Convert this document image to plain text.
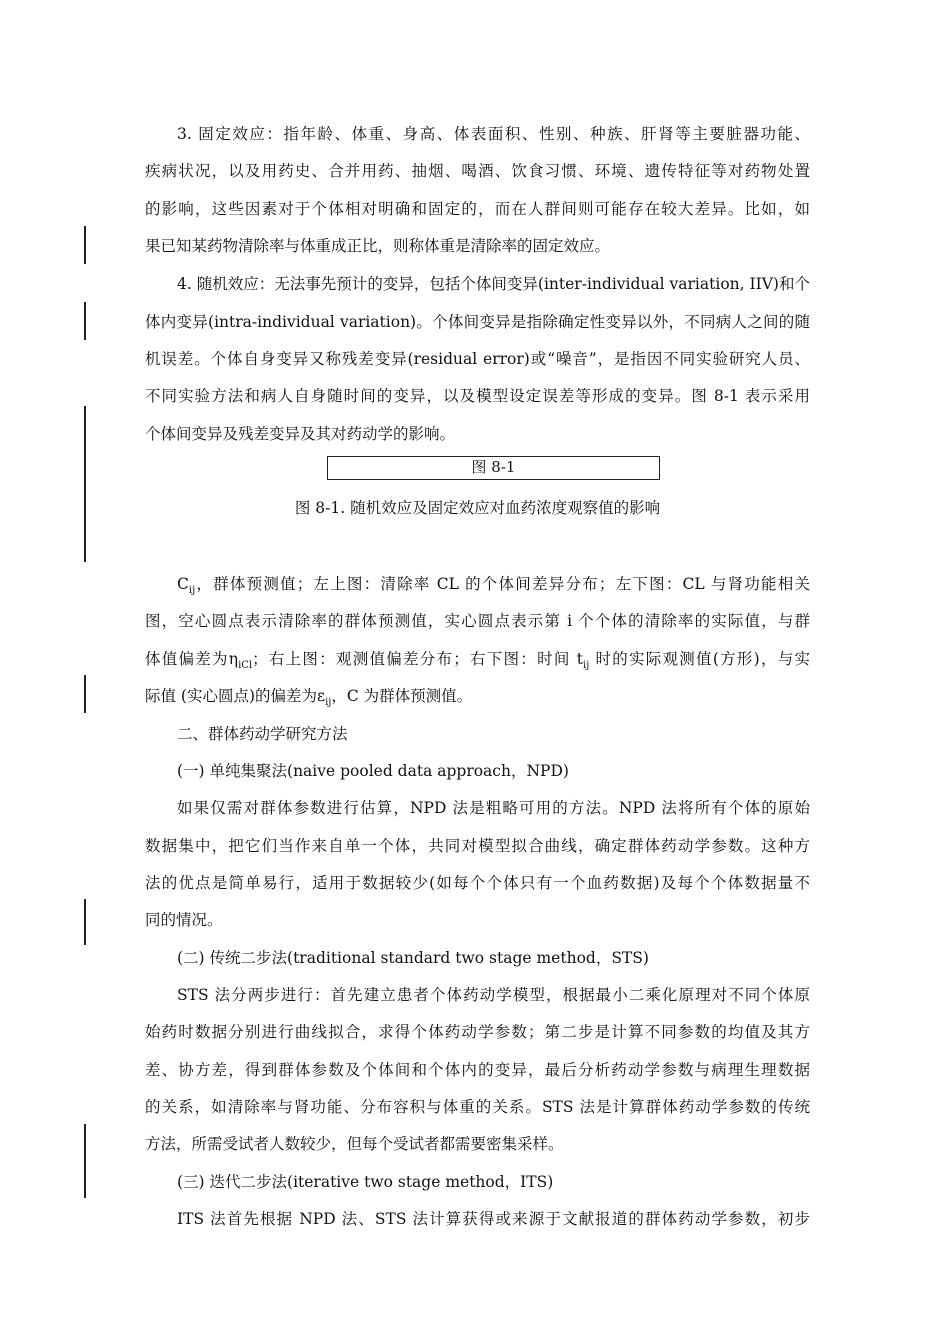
3. 固定效应：指年龄、体重、身高、体表面积、性别、种族、肝肾等主要脏器功能、
疾病状况，以及用药史、合并用药、抽烟、喝酒、饮食习惯、环境、遗传特征等对药物处置
的影响，这些因素对于个体相对明确和固定的，而在人群间则可能存在较大差异。比如，如
果已知某药物清除率与体重成正比，则称体重是清除率的固定效应。
4. 随机效应：无法事先预计的变异，包括个体间变异(inter-individual variation, IIV)和个
体内变异(intra-individual variation)。个体间变异是指除确定性变异以外，不同病人之间的随
机误差。个体自身变异又称残差变异(residual error)或“噪音”，是指因不同实验研究人员、
不同实验方法和病人自身随时间的变异，以及模型设定误差等形成的变异。图 8-1 表示采用
个体间变异及残差变异及其对药动学的影响。
图 8-1
图 8-1. 随机效应及固定效应对血药浓度观察值的影响
$C_{ij}$，群体预测值；左上图：清除率 CL 的个体间差异分布；左下图：CL 与肾功能相关
图，空心圆点表示清除率的群体预测值，实心圆点表示第 i 个个体的清除率的实际值，与群
体值偏差为$\eta_{iCl}$；右上图：观测值偏差分布；右下图：时间 $t_{ij}$ 时的实际观测值(方形)，与实
际值 (实心圆点)的偏差为$\varepsilon_{ij}$，C 为群体预测值。
二、群体药动学研究方法
(一) 单纯集聚法(naive pooled data approach，NPD)
如果仅需对群体参数进行估算，NPD 法是粗略可用的方法。NPD 法将所有个体的原始
数据集中，把它们当作来自单一个体，共同对模型拟合曲线，确定群体药动学参数。这种方
法的优点是简单易行，适用于数据较少(如每个个体只有一个血药数据)及每个个体数据量不
同的情况。
(二) 传统二步法(traditional standard two stage method，STS)
STS 法分两步进行：首先建立患者个体药动学模型，根据最小二乘化原理对不同个体原
始药时数据分别进行曲线拟合，求得个体药动学参数；第二步是计算不同参数的均值及其方
差、协方差，得到群体参数及个体间和个体内的变异，最后分析药动学参数与病理生理数据
的关系，如清除率与肾功能、分布容积与体重的关系。STS 法是计算群体药动学参数的传统
方法，所需受试者人数较少，但每个受试者都需要密集采样。
(三) 迭代二步法(iterative two stage method，ITS)
ITS 法首先根据 NPD 法、STS 法计算获得或来源于文献报道的群体药动学参数，初步
